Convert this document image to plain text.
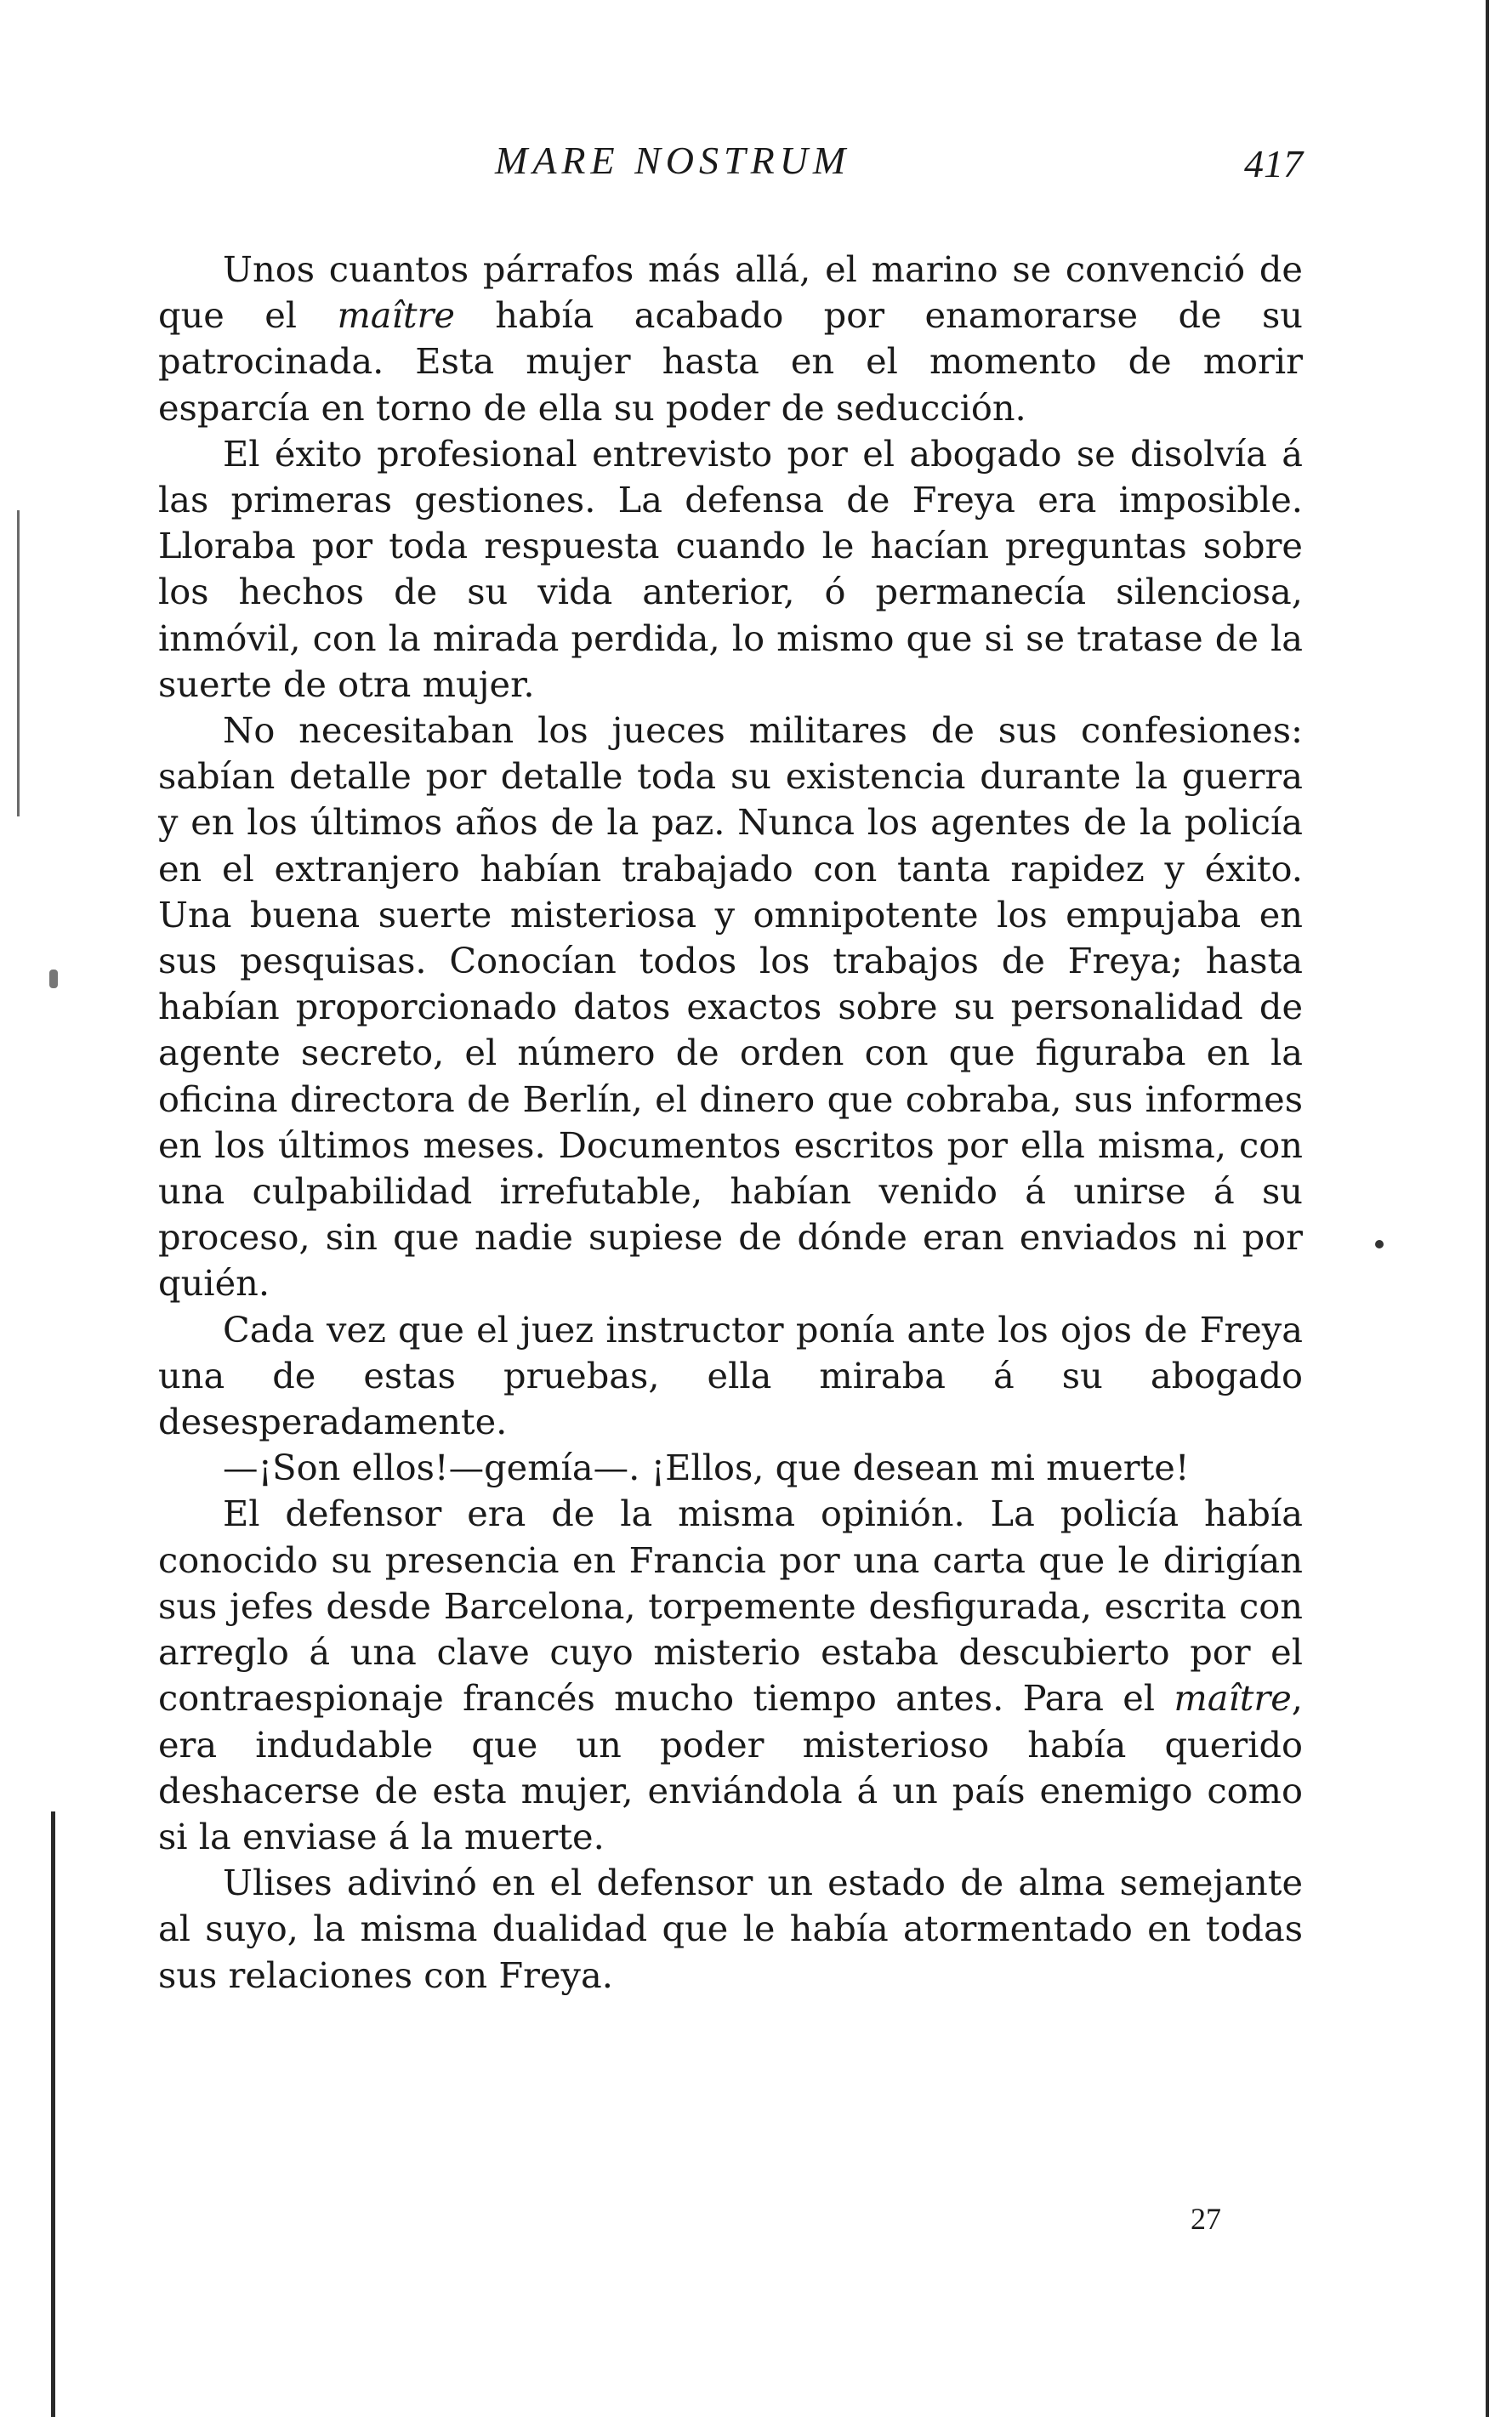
MARE NOSTRUM	417

Unos cuantos párrafos más allá, el marino se convenció de que el maître había acabado por enamorarse de su patrocinada. Esta mujer hasta en el momento de morir esparcía en torno de ella su poder de seducción.

El éxito profesional entrevisto por el abogado se disolvía á las primeras gestiones. La defensa de Freya era imposible. Lloraba por toda respuesta cuando le hacían preguntas sobre los hechos de su vida anterior, ó permanecía silenciosa, inmóvil, con la mirada perdida, lo mismo que si se tratase de la suerte de otra mujer.

No necesitaban los jueces militares de sus confesiones: sabían detalle por detalle toda su existencia durante la guerra y en los últimos años de la paz. Nunca los agentes de la policía en el extranjero habían trabajado con tanta rapidez y éxito. Una buena suerte misteriosa y omnipotente los empujaba en sus pesquisas. Conocían todos los trabajos de Freya; hasta habían proporcionado datos exactos sobre su personalidad de agente secreto, el número de orden con que figuraba en la oficina directora de Berlín, el dinero que cobraba, sus informes en los últimos meses. Documentos escritos por ella misma, con una culpabilidad irrefutable, habían venido á unirse á su proceso, sin que nadie supiese de dónde eran enviados ni por quién.

Cada vez que el juez instructor ponía ante los ojos de Freya una de estas pruebas, ella miraba á su abogado desesperadamente.

—¡Son ellos!—gemía—. ¡Ellos, que desean mi muerte!

El defensor era de la misma opinión. La policía había conocido su presencia en Francia por una carta que le dirigían sus jefes desde Barcelona, torpemente desfigurada, escrita con arreglo á una clave cuyo misterio estaba descubierto por el contraespionaje francés mucho tiempo antes. Para el maître, era indudable que un poder misterioso había querido deshacerse de esta mujer, enviándola á un país enemigo como si la enviase á la muerte.

Ulises adivinó en el defensor un estado de alma semejante al suyo, la misma dualidad que le había atormentado en todas sus relaciones con Freya.

27
